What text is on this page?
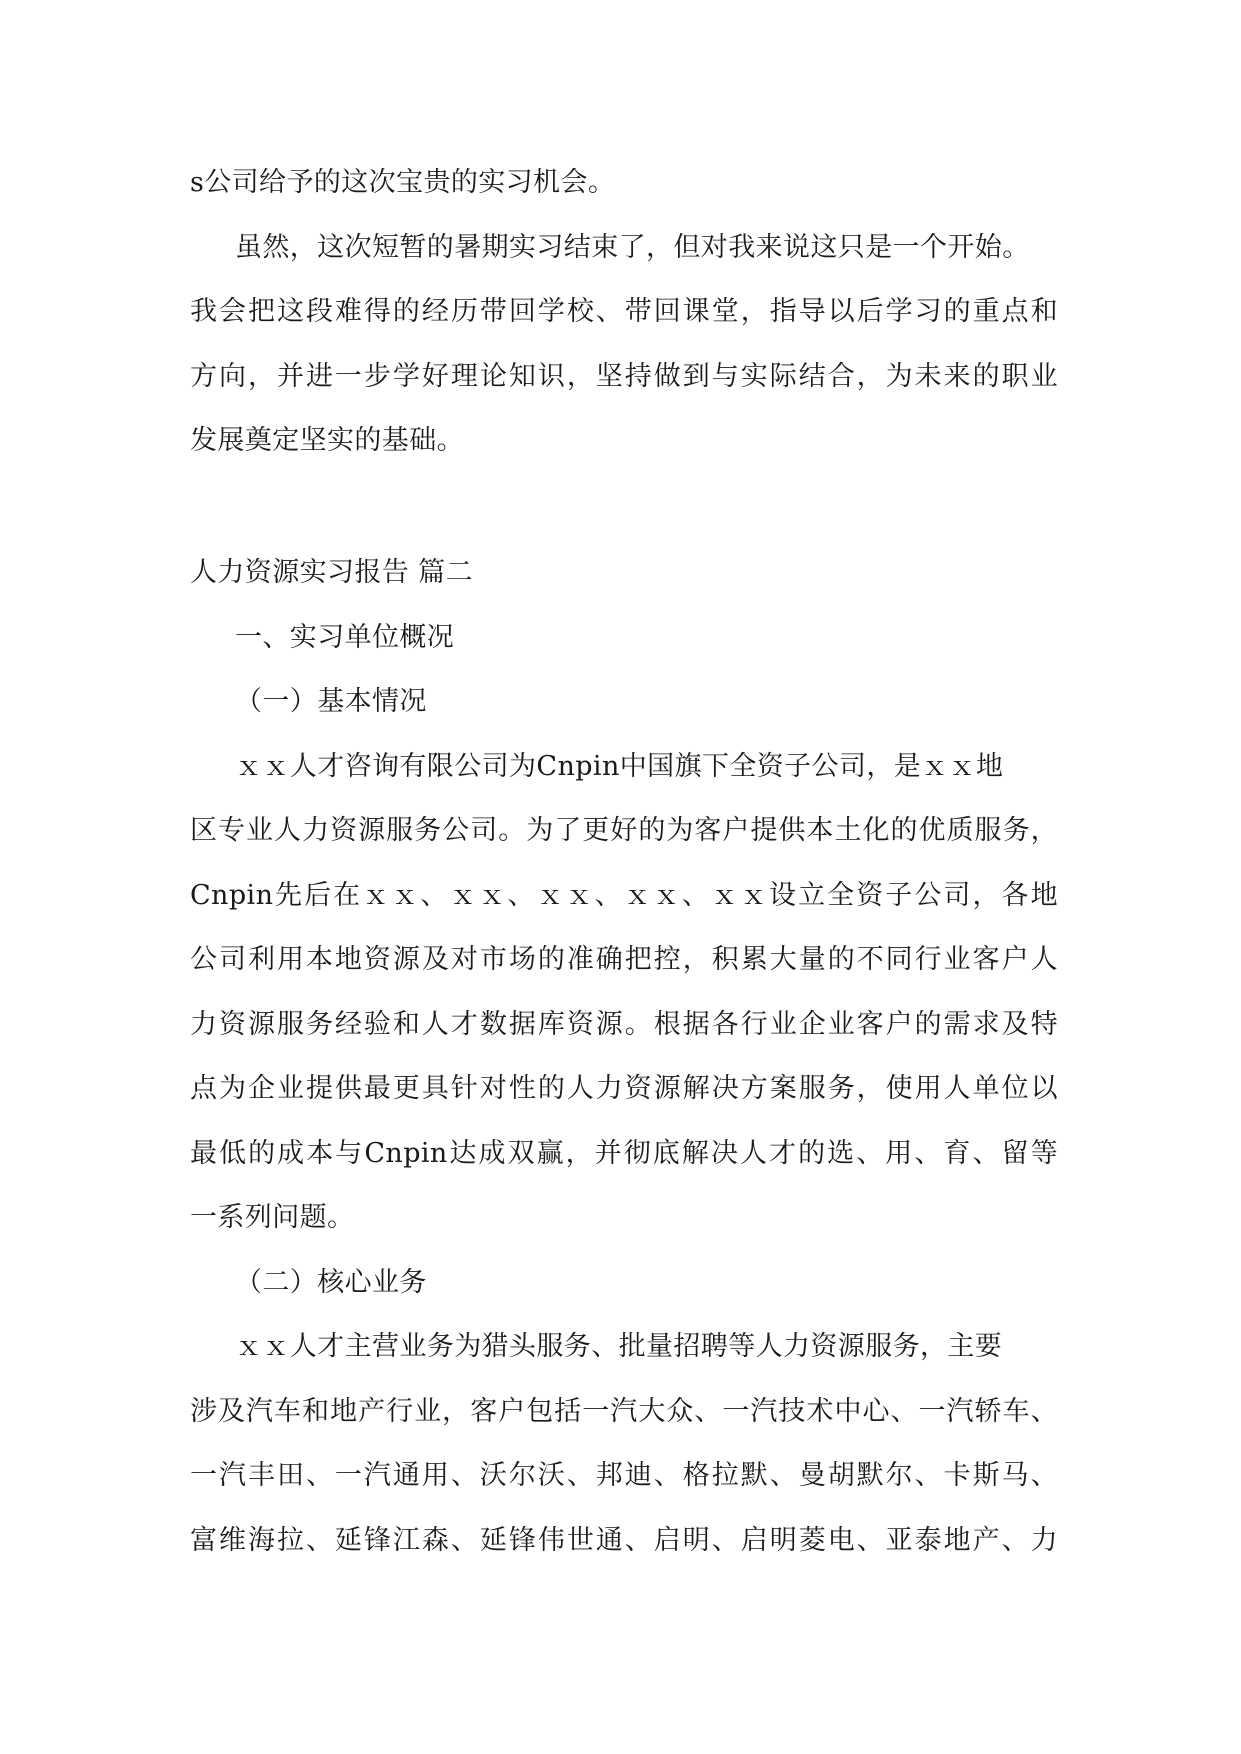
s公司给予的这次宝贵的实习机会。
虽然，这次短暂的暑期实习结束了，但对我来说这只是一个开始。
我会把这段难得的经历带回学校、带回课堂，指导以后学习的重点和
方向，并进一步学好理论知识，坚持做到与实际结合，为未来的职业
发展奠定坚实的基础。
人力资源实习报告 篇二
一、实习单位概况
（一）基本情况
ｘｘ人才咨询有限公司为Cnpin中国旗下全资子公司，是ｘｘ地
区专业人力资源服务公司。为了更好的为客户提供本土化的优质服务，
Cnpin先后在ｘｘ、ｘｘ、ｘｘ、ｘｘ、ｘｘ设立全资子公司，各地
公司利用本地资源及对市场的准确把控，积累大量的不同行业客户人
力资源服务经验和人才数据库资源。根据各行业企业客户的需求及特
点为企业提供最更具针对性的人力资源解决方案服务，使用人单位以
最低的成本与Cnpin达成双赢，并彻底解决人才的选、用、育、留等
一系列问题。
（二）核心业务
ｘｘ人才主营业务为猎头服务、批量招聘等人力资源服务，主要
涉及汽车和地产行业，客户包括一汽大众、一汽技术中心、一汽轿车、
一汽丰田、一汽通用、沃尔沃、邦迪、格拉默、曼胡默尔、卡斯马、
富维海拉、延锋江森、延锋伟世通、启明、启明菱电、亚泰地产、力
